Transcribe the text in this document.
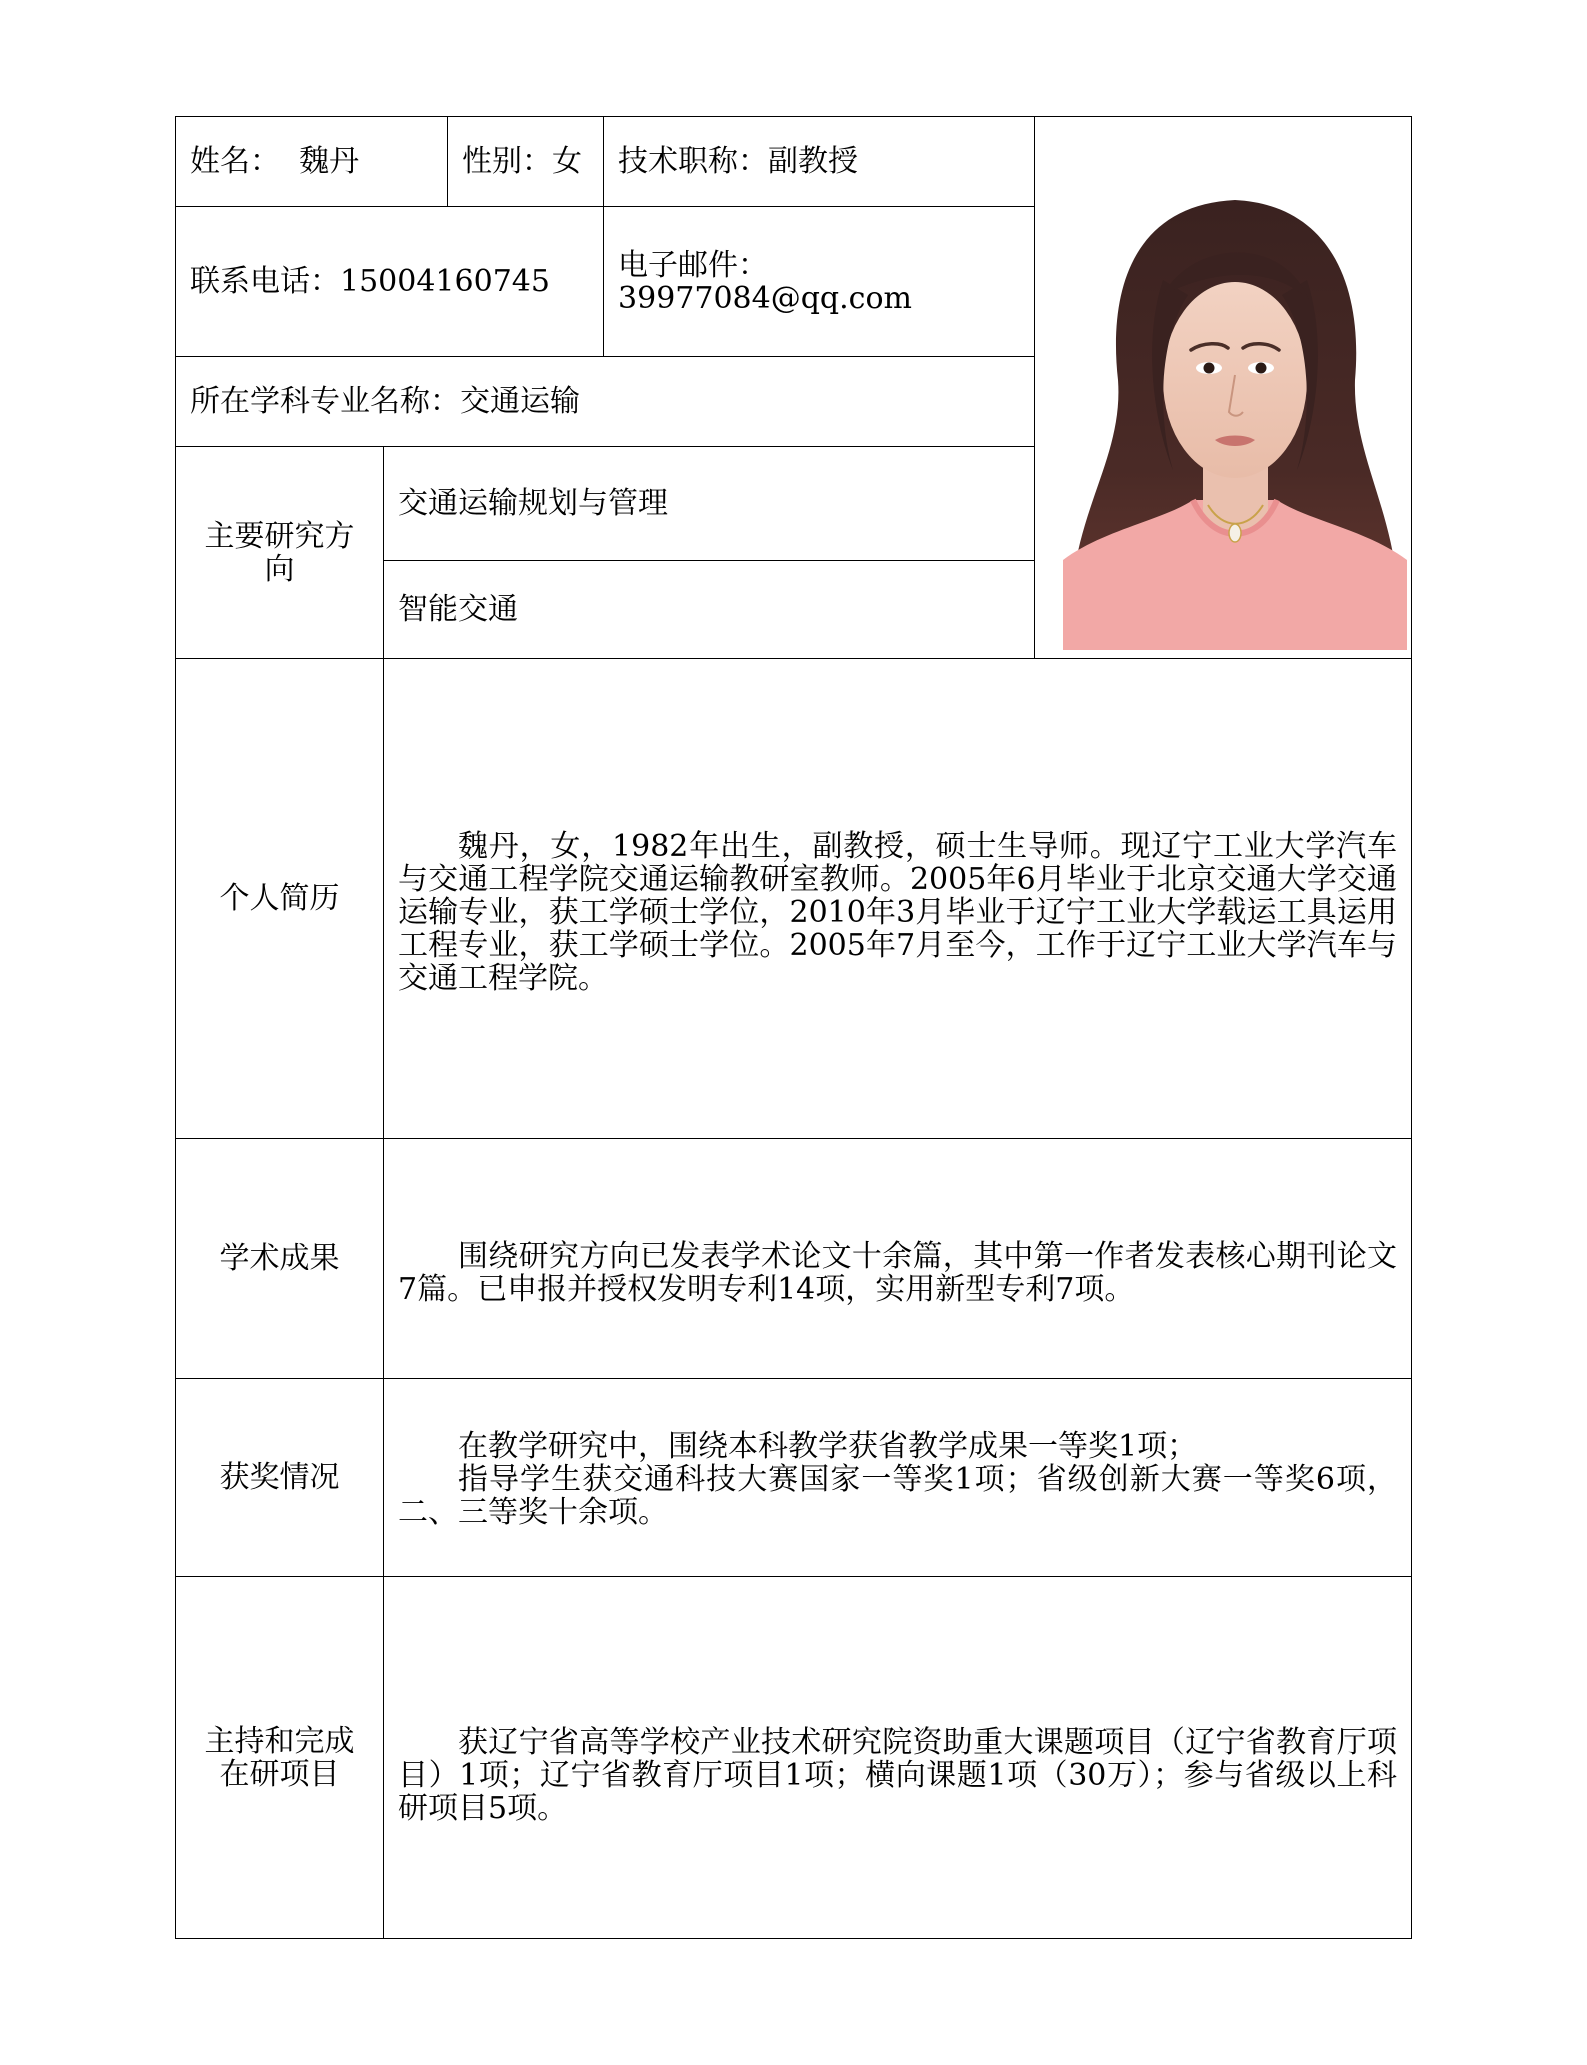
姓名： 魏丹		性别：女	技术职称：副教授	

联系电话：15004160745			电子邮件：39977084@qq.com	
所在学科专业名称：交通运输				
主要研究方向	交通运输规划与管理			
	智能交通			
个人简历	魏丹，女，1982年出生，副教授，硕士生导师。现辽宁工业大学汽车与交通工程学院交通运输教研室教师。2005年6月毕业于北京交通大学交通运输专业，获工学硕士学位，2010年3月毕业于辽宁工业大学载运工具运用工程专业，获工学硕士学位。2005年7月至今，工作于辽宁工业大学汽车与交通工程学院。			

学术成果	围绕研究方向已发表学术论文十余篇，其中第一作者发表核心期刊论文7篇。已申报并授权发明专利14项，实用新型专利7项。			

获奖情况	在教学研究中，围绕本科教学获省教学成果一等奖1项；

指导学生获交通科技大赛国家一等奖1项；省级创新大赛一等奖6项，二、三等奖十余项。			

主持和完成在研项目	获辽宁省高等学校产业技术研究院资助重大课题项目（辽宁省教育厅项目）1项；辽宁省教育厅项目1项；横向课题1项（30万）；参与省级以上科研项目5项。			
